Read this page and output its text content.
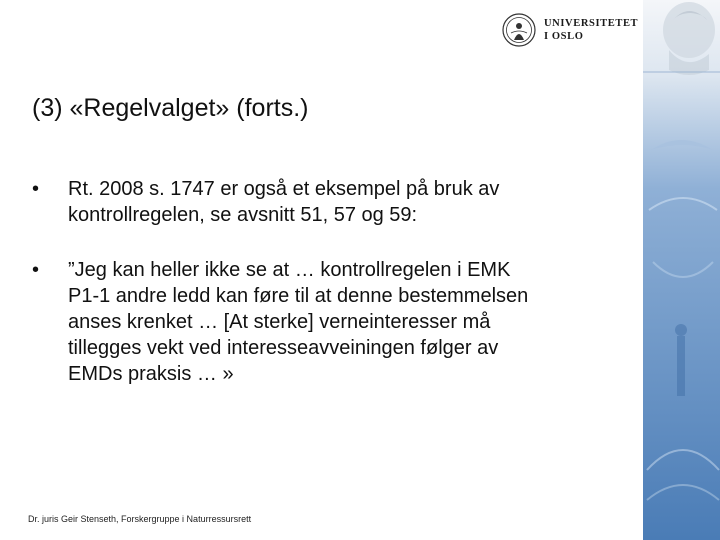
UNIVERSITETET
I OSLO
(3) «Regelvalget» (forts.)
• Rt. 2008 s. 1747 er også et eksempel på bruk av
kontrollregelen, se avsnitt 51, 57 og 59:
• ”Jeg kan heller ikke se at … kontrollregelen i EMK
P1-1 andre ledd kan føre til at denne bestemmelsen
anses krenket … [At sterke] verneinteresser må
tillegges vekt ved interesseavveiningen følger av
EMDs praksis … »
Dr. juris Geir Stenseth, Forskergruppe i Naturressursrett
